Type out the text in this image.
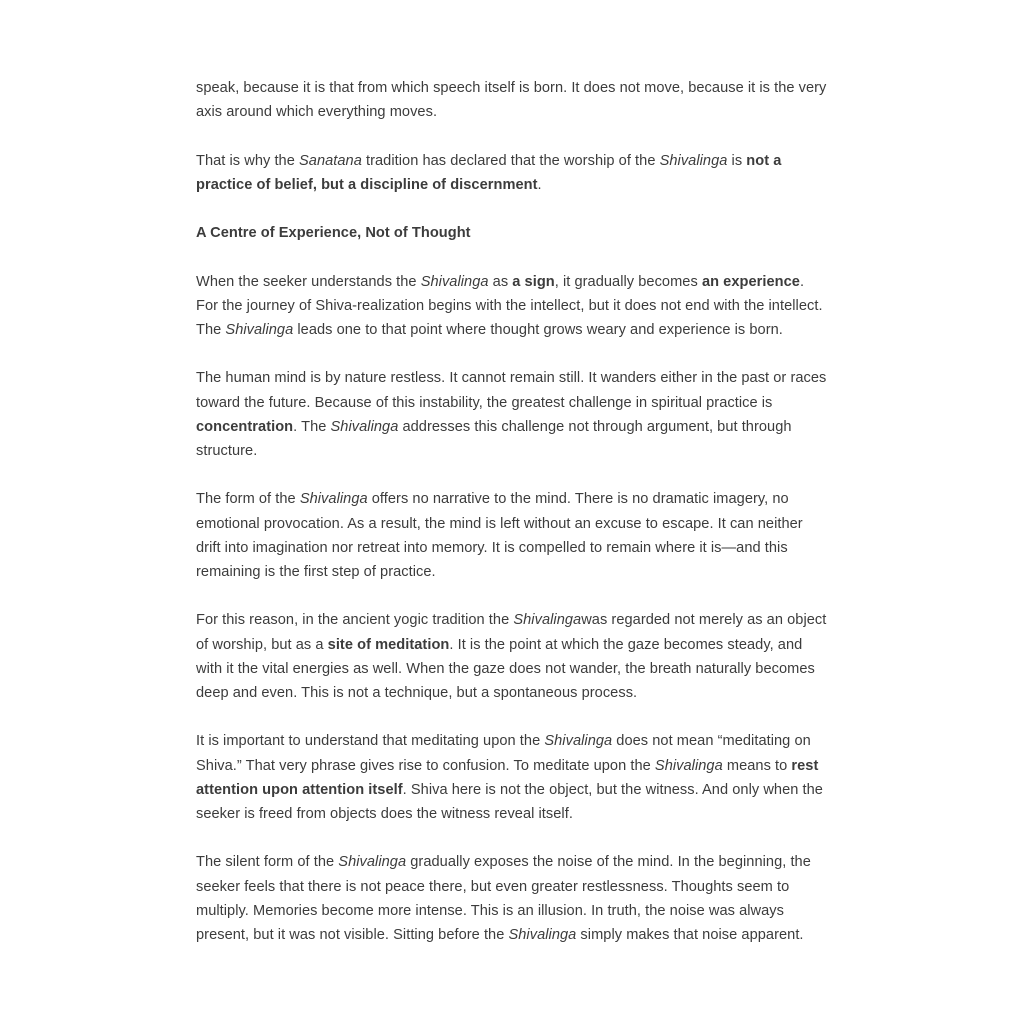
speak, because it is that from which speech itself is born. It does not move, because it is the very axis around which everything moves.

That is why the Sanatana tradition has declared that the worship of the Shivalinga is not a practice of belief, but a discipline of discernment.

A Centre of Experience, Not of Thought

When the seeker understands the Shivalinga as a sign, it gradually becomes an experience. For the journey of Shiva-realization begins with the intellect, but it does not end with the intellect. The Shivalinga leads one to that point where thought grows weary and experience is born.

The human mind is by nature restless. It cannot remain still. It wanders either in the past or races toward the future. Because of this instability, the greatest challenge in spiritual practice is concentration. The Shivalinga addresses this challenge not through argument, but through structure.

The form of the Shivalinga offers no narrative to the mind. There is no dramatic imagery, no emotional provocation. As a result, the mind is left without an excuse to escape. It can neither drift into imagination nor retreat into memory. It is compelled to remain where it is—and this remaining is the first step of practice.

For this reason, in the ancient yogic tradition the Shivalingawas regarded not merely as an object of worship, but as a site of meditation. It is the point at which the gaze becomes steady, and with it the vital energies as well. When the gaze does not wander, the breath naturally becomes deep and even. This is not a technique, but a spontaneous process.

It is important to understand that meditating upon the Shivalinga does not mean “meditating on Shiva.” That very phrase gives rise to confusion. To meditate upon the Shivalinga means to rest attention upon attention itself. Shiva here is not the object, but the witness. And only when the seeker is freed from objects does the witness reveal itself.

The silent form of the Shivalinga gradually exposes the noise of the mind. In the beginning, the seeker feels that there is not peace there, but even greater restlessness. Thoughts seem to multiply. Memories become more intense. This is an illusion. In truth, the noise was always present, but it was not visible. Sitting before the Shivalinga simply makes that noise apparent.
